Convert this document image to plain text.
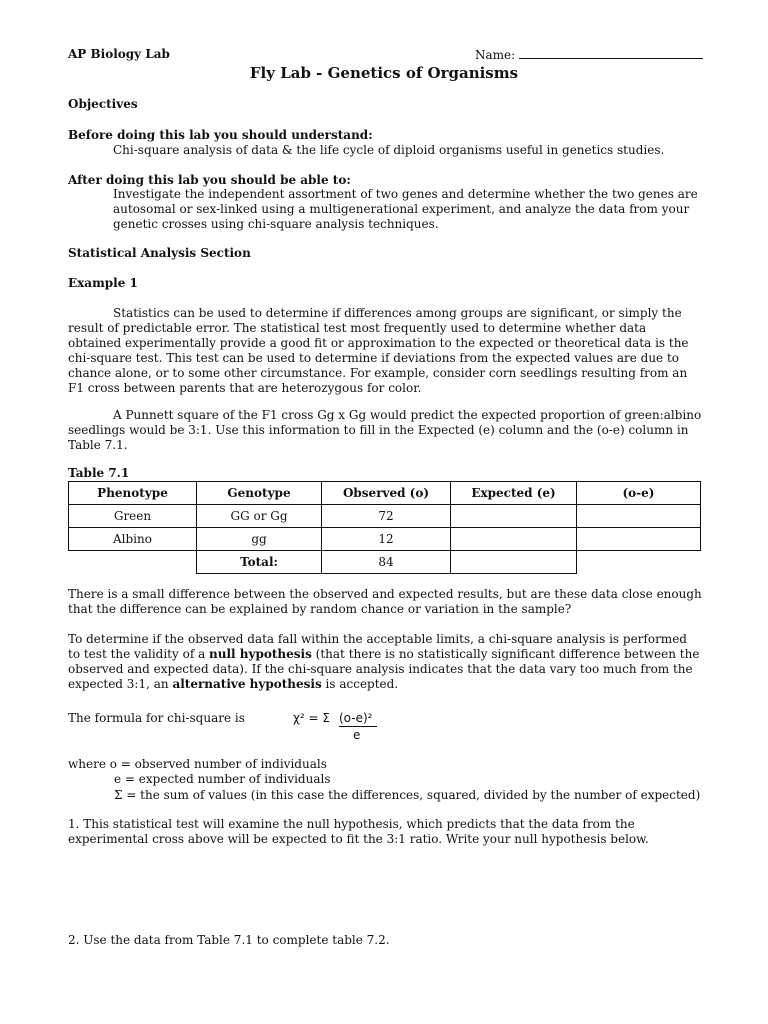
AP Biology Lab	Name:
Fly Lab - Genetics of Organisms
Objectives
Before doing this lab you should understand:
Chi-square analysis of data & the life cycle of diploid organisms useful in genetics studies.
After doing this lab you should be able to:
Investigate the independent assortment of two genes and determine whether the two genes are
autosomal or sex-linked using a multigenerational experiment, and analyze the data from your
genetic crosses using chi-square analysis techniques.
Statistical Analysis Section
Example 1
Statistics can be used to determine if differences among groups are significant, or simply the
result of predictable error. The statistical test most frequently used to determine whether data
obtained experimentally provide a good fit or approximation to the expected or theoretical data is the
chi-square test. This test can be used to determine if deviations from the expected values are due to
chance alone, or to some other circumstance. For example, consider corn seedlings resulting from an
F1 cross between parents that are heterozygous for color.
A Punnett square of the F1 cross Gg x Gg would predict the expected proportion of green:albino
seedlings would be 3:1. Use this information to fill in the Expected (e) column and the (o-e) column in
Table 7.1.
Table 7.1
Phenotype	Genotype	Observed (o)	Expected (e)	(o-e)
Green	GG or Gg	72		
Albino	gg	12		
	Total:	84		
There is a small difference between the observed and expected results, but are these data close enough
that the difference can be explained by random chance or variation in the sample?
To determine if the observed data fall within the acceptable limits, a chi-square analysis is performed
to test the validity of a null hypothesis (that there is no statistically significant difference between the
observed and expected data). If the chi-square analysis indicates that the data vary too much from the
expected 3:1, an alternative hypothesis is accepted.
The formula for chi-square is	χ² = Σ (o-e)²
e
where o = observed number of individuals
e = expected number of individuals
Σ = the sum of values (in this case the differences, squared, divided by the number of expected)
1. This statistical test will examine the null hypothesis, which predicts that the data from the
experimental cross above will be expected to fit the 3:1 ratio. Write your null hypothesis below.
2. Use the data from Table 7.1 to complete table 7.2.
